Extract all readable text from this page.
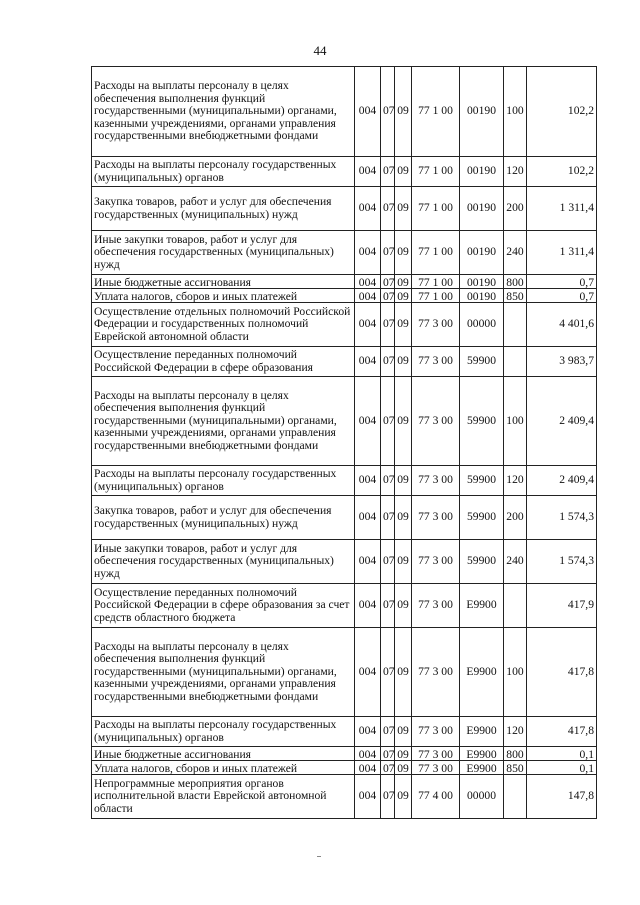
44
Расходы на выплаты персоналу в целях обеспечения выполнения функций государственными (муниципальными) органами, казенными учреждениями, органами управления государственными внебюджетными фондами	004	07	09	77 1 00	00190	100	102,2
Расходы на выплаты персоналу государственных (муниципальных) органов	004	07	09	77 1 00	00190	120	102,2
Закупка товаров, работ и услуг для обеспечения государственных (муниципальных) нужд	004	07	09	77 1 00	00190	200	1 311,4
Иные закупки товаров, работ и услуг для обеспечения государственных (муниципальных) нужд	004	07	09	77 1 00	00190	240	1 311,4
Иные бюджетные ассигнования	004	07	09	77 1 00	00190	800	0,7
Уплата налогов, сборов и иных платежей	004	07	09	77 1 00	00190	850	0,7
Осуществление отдельных полномочий Российской Федерации и государственных полномочий Еврейской автономной области	004	07	09	77 3 00	00000		4 401,6
Осуществление переданных полномочий Российской Федерации в сфере образования	004	07	09	77 3 00	59900		3 983,7
Расходы на выплаты персоналу в целях обеспечения выполнения функций государственными (муниципальными) органами, казенными учреждениями, органами управления государственными внебюджетными фондами	004	07	09	77 3 00	59900	100	2 409,4
Расходы на выплаты персоналу государственных (муниципальных) органов	004	07	09	77 3 00	59900	120	2 409,4
Закупка товаров, работ и услуг для обеспечения государственных (муниципальных) нужд	004	07	09	77 3 00	59900	200	1 574,3
Иные закупки товаров, работ и услуг для обеспечения государственных (муниципальных) нужд	004	07	09	77 3 00	59900	240	1 574,3
Осуществление переданных полномочий Российской Федерации в сфере образования за счет средств областного бюджета	004	07	09	77 3 00	E9900		417,9
Расходы на выплаты персоналу в целях обеспечения выполнения функций государственными (муниципальными) органами, казенными учреждениями, органами управления государственными внебюджетными фондами	004	07	09	77 3 00	E9900	100	417,8
Расходы на выплаты персоналу государственных (муниципальных) органов	004	07	09	77 3 00	E9900	120	417,8
Иные бюджетные ассигнования	004	07	09	77 3 00	E9900	800	0,1
Уплата налогов, сборов и иных платежей	004	07	09	77 3 00	E9900	850	0,1
Непрограммные мероприятия органов исполнительной власти Еврейской автономной области	004	07	09	77 4 00	00000		147,8
